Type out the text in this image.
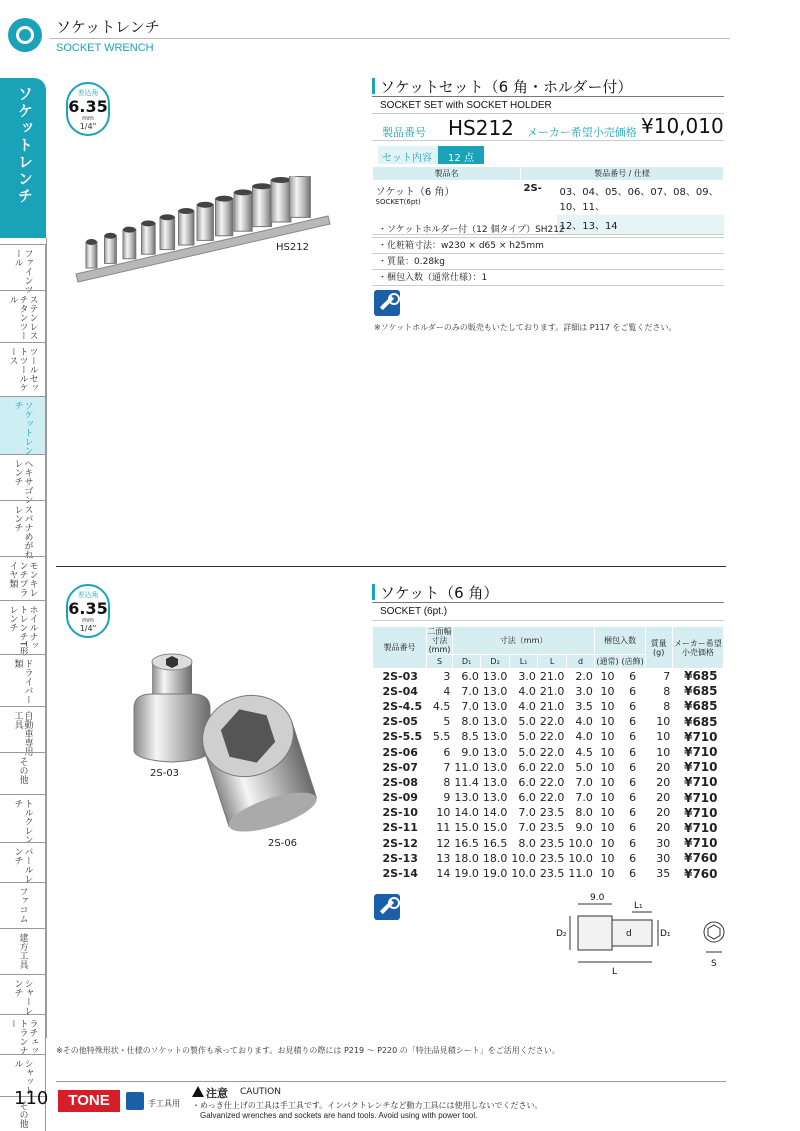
ソケットレンチ
SOCKET WRENCH
ソケットレンチ
ファインツール
ステンレスチタンツール
ツールセットツールケース
ソケットレンチ
ヘキサゴンレンチ
スパナめがねレンチ
モンキレンチプライヤ類
ホイルナットレンチT形レンチ
ドライバー類
自動車専用工具
その他
トルクレンチ
バールレンチ
ファコム
建方工具
シャーレンチ
ラチェットランナー
シャットル
その他
差込角
6.35
mm
1/4"
HS212
ソケットセット（6 角・ホルダー付）
SOCKET SET with SOCKET HOLDER
製品番号 HS212 メーカー希望小売価格 ¥10,010
セット内容	12 点
製品名	製品番号 / 仕様	

ソケット（6 角）
SOCKET(6pt)	2S-	03、04、05、06、07、08、09、10、11、
		12、13、14
・ ソケットホルダー付（12 個タイプ）SH212
・ 化粧箱寸法：w230 × d65 × h25mm
・ 質量：0.28kg
・ 梱包入数（通常仕様）：1
※ソケットホルダーのみの販売もいたしております。詳細は P117 をご覧ください。
差込角
6.35
mm
1/4"
2S-03
2S-06
ソケット（6 角）
SOCKET (6pt.)
製品番号	二面幅寸法(mm)	寸法（mm）					梱包入数		質量(g)	メーカー希望小売価格
	S	D₁	D₂	L₁	L	d	(通常)	(店飾)		
2S-03	3	6.0	13.0	3.0	21.0	2.0	10	6	7	¥685
2S-04	4	7.0	13.0	4.0	21.0	3.0	10	6	8	¥685
2S-4.5	4.5	7.0	13.0	4.0	21.0	3.5	10	6	8	¥685
2S-05	5	8.0	13.0	5.0	22.0	4.0	10	6	10	¥685
2S-5.5	5.5	8.5	13.0	5.0	22.0	4.0	10	6	10	¥710
2S-06	6	9.0	13.0	5.0	22.0	4.5	10	6	10	¥710
2S-07	7	11.0	13.0	6.0	22.0	5.0	10	6	20	¥710
2S-08	8	11.4	13.0	6.0	22.0	7.0	10	6	20	¥710
2S-09	9	13.0	13.0	6.0	22.0	7.0	10	6	20	¥710
2S-10	10	14.0	14.0	7.0	23.5	8.0	10	6	20	¥710
2S-11	11	15.0	15.0	7.0	23.5	9.0	10	6	20	¥710
2S-12	12	16.5	16.5	8.0	23.5	10.0	10	6	30	¥710
2S-13	13	18.0	18.0	10.0	23.5	10.0	10	6	30	¥760
2S-14	14	19.0	19.0	10.0	23.5	11.0	10	6	35	¥760
9.0
L₁
D₂	d	D₁
L
S
※その他特殊形状・仕様のソケットの製作も承っております。お見積りの際には P219 ～ P220 の「特注品見積シート」をご活用ください。
110	TONE	手工具用
注意 CAUTION
・めっき仕上げの工具は手工具です。インパクトレンチなど動力工具には使用しないでください。
Galvanized wrenches and sockets are hand tools. Avoid using with power tool.
